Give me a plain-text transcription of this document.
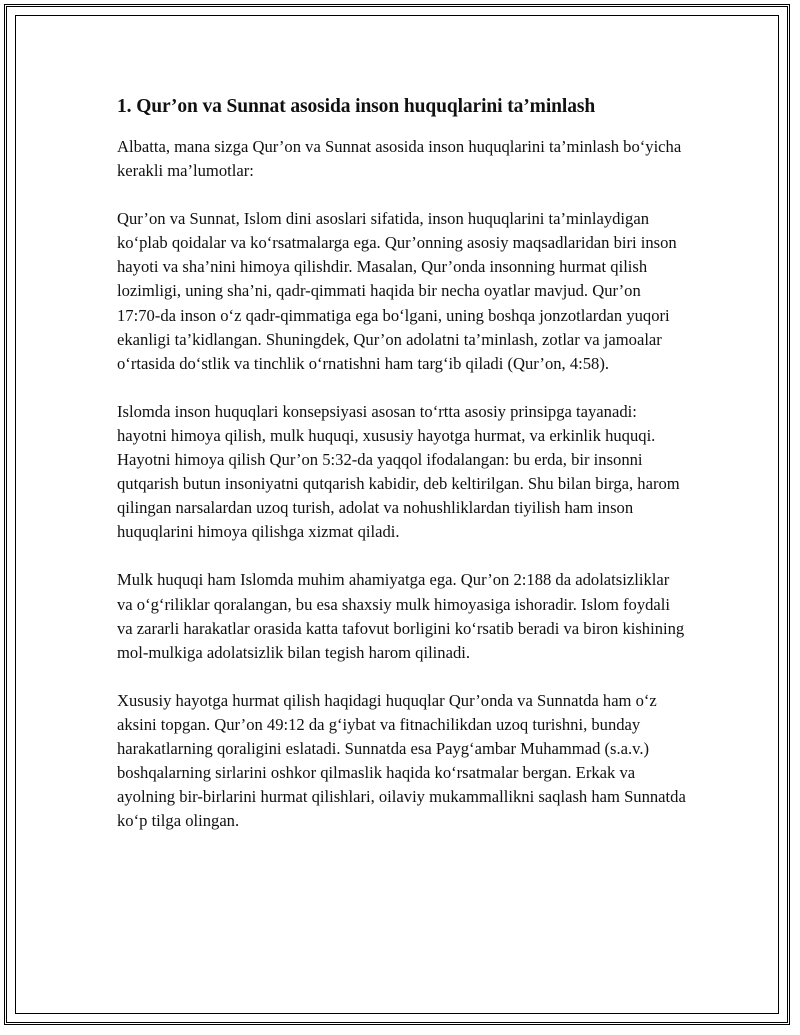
1. Qur’on va Sunnat asosida inson huquqlarini ta’minlash

Albatta, mana sizga Qur’on va Sunnat asosida inson huquqlarini ta’minlash bo‘yicha kerakli ma’lumotlar:

Qur’on va Sunnat, Islom dini asoslari sifatida, inson huquqlarini ta’minlaydigan ko‘plab qoidalar va ko‘rsatmalarga ega. Qur’onning asosiy maqsadlaridan biri inson hayoti va sha’nini himoya qilishdir. Masalan, Qur’onda insonning hurmat qilish lozimligi, uning sha’ni, qadr-qimmati haqida bir necha oyatlar mavjud. Qur’on 17:70-da inson o‘z qadr-qimmatiga ega bo‘lgani, uning boshqa jonzotlardan yuqori ekanligi ta’kidlangan. Shuningdek, Qur’on adolatni ta’minlash, zotlar va jamoalar o‘rtasida do‘stlik va tinchlik o‘rnatishni ham targ‘ib qiladi (Qur’on, 4:58).

Islomda inson huquqlari konsepsiyasi asosan to‘rtta asosiy prinsipga tayanadi: hayotni himoya qilish, mulk huquqi, xususiy hayotga hurmat, va erkinlik huquqi. Hayotni himoya qilish Qur’on 5:32-da yaqqol ifodalangan: bu erda, bir insonni qutqarish butun insoniyatni qutqarish kabidir, deb keltirilgan. Shu bilan birga, harom qilingan narsalardan uzoq turish, adolat va nohushliklardan tiyilish ham inson huquqlarini himoya qilishga xizmat qiladi.

Mulk huquqi ham Islomda muhim ahamiyatga ega. Qur’on 2:188 da adolatsizliklar va o‘g‘riliklar qoralangan, bu esa shaxsiy mulk himoyasiga ishoradir. Islom foydali va zararli harakatlar orasida katta tafovut borligini ko‘rsatib beradi va biron kishining mol-mulkiga adolatsizlik bilan tegish harom qilinadi.

Xususiy hayotga hurmat qilish haqidagi huquqlar Qur’onda va Sunnatda ham o‘z aksini topgan. Qur’on 49:12 da g‘iybat va fitnachilikdan uzoq turishni, bunday harakatlarning qoraligini eslatadi. Sunnatda esa Payg‘ambar Muhammad (s.a.v.) boshqalarning sirlarini oshkor qilmaslik haqida ko‘rsatmalar bergan. Erkak va ayolning bir-birlarini hurmat qilishlari, oilaviy mukammallikni saqlash ham Sunnatda ko‘p tilga olingan.
